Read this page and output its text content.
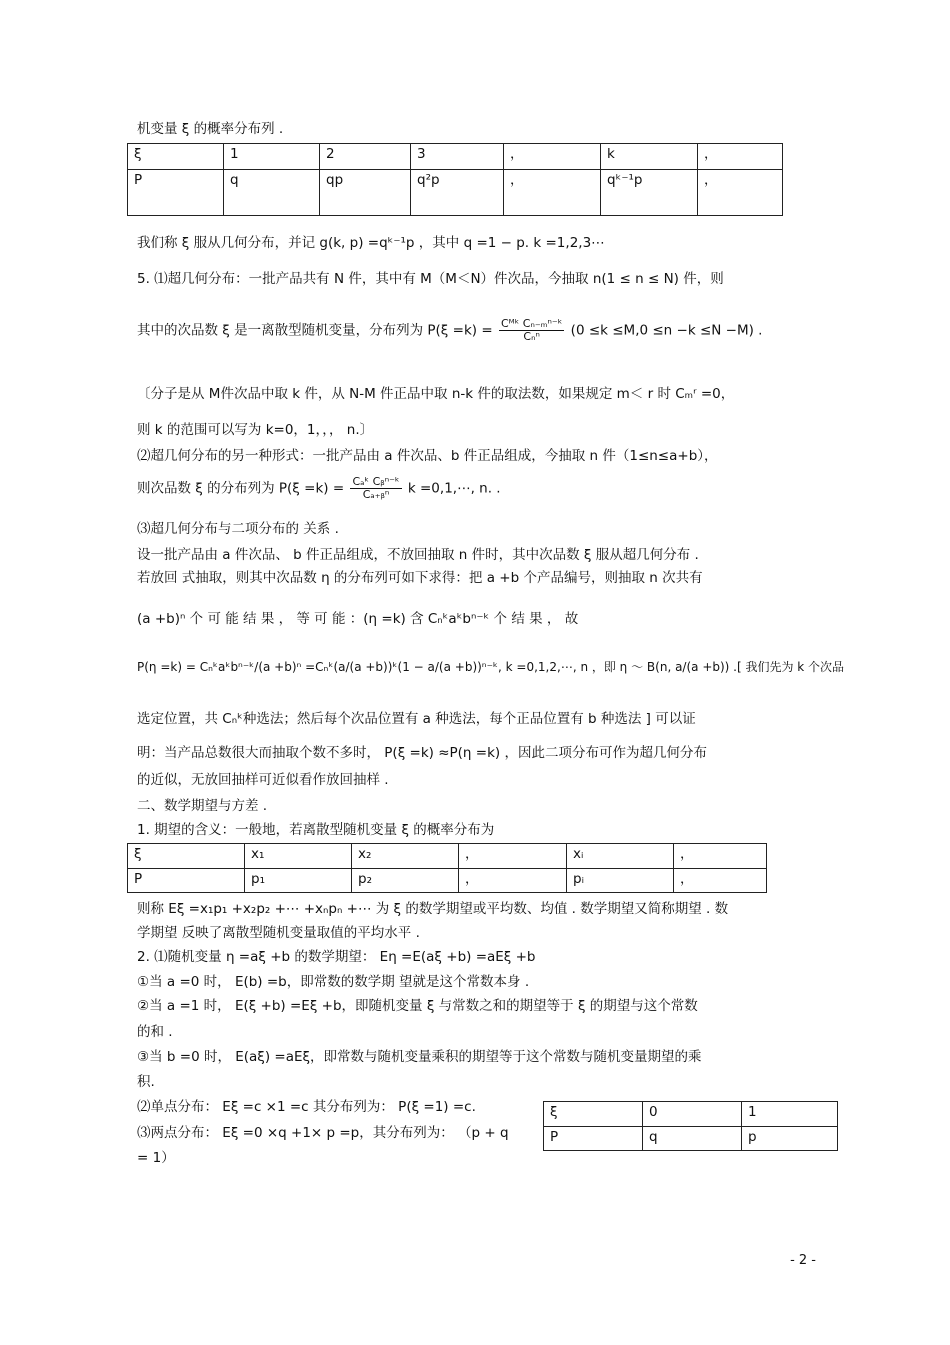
机变量 ξ 的概率分布列 .
ξ	1	2	3	，	k	，
P	q	qp	q²p	，	qᵏ⁻¹p	，
我们称 ξ 服从几何分布，并记 g(k, p) =qᵏ⁻¹p ，其中 q =1 − p. k =1,2,3⋯
5. ⑴超几何分布：一批产品共有 N 件，其中有 M（M＜N）件次品，今抽取 n(1 ≤ n ≤ N) 件，则
其中的次品数 ξ 是一离散型随机变量，分布列为 $P(\xi =k) = \frac{\text{Cᴹᵏ Cₙ₋ₘⁿ⁻ᵏ}}{\text{Cₙⁿ}} (0 \le k \le M,0 \le n -k \le N -M)$ .
〔分子是从 M件次品中取 k 件，从 N-M 件正品中取 n-k 件的取法数，如果规定 m＜ r 时 Cₘʳ =0，
则 k 的范围可以写为 k=0，1，，， n.〕
⑵超几何分布的另一种形式：一批产品由 a 件次品、b 件正品组成，今抽取 n 件（1≤n≤a+b），
则次品数 ξ 的分布列为 $P(\xi =k) = \frac{\text{Cₐᵏ Cᵦⁿ⁻ᵏ}}{\text{Cₐ₊ᵦⁿ}}$ k =0,1,⋯, n. .
⑶超几何分布与二项分布的 关系 .
设一批产品由 a 件次品、 b 件正品组成，不放回抽取 n 件时，其中次品数 ξ 服从超几何分布 .
若放回 式抽取，则其中次品数 η 的分布列可如下求得：把 a +b 个产品编号，则抽取 n 次共有
(a +b)ⁿ 个 可 能 结 果 ， 等 可 能 ：(η =k) 含 Cₙᵏaᵏbⁿ⁻ᵏ 个 结 果 ， 故
P(η =k) = Cₙᵏaᵏbⁿ⁻ᵏ/(a +b)ⁿ =Cₙᵏ(a/(a +b))ᵏ(1 − a/(a +b))ⁿ⁻ᵏ, k =0,1,2,⋯, n ，即 η ～ B(n, a/(a +b)) .[ 我们先为 k 个次品
选定位置，共 Cₙᵏ种选法；然后每个次品位置有 a 种选法，每个正品位置有 b 种选法 ] 可以证
明：当产品总数很大而抽取个数不多时， P(ξ =k) ≈P(η =k) ，因此二项分布可作为超几何分布
的近似，无放回抽样可近似看作放回抽样 .
二、数学期望与方差 .
1. 期望的含义：一般地，若离散型随机变量 ξ 的概率分布为
ξ	x₁	x₂	，	xᵢ	，
P	p₁	p₂	，	pᵢ	，
则称 Eξ =x₁p₁ +x₂p₂ +⋯ +xₙpₙ +⋯ 为 ξ 的数学期望或平均数、均值 . 数学期望又简称期望 . 数
学期望 反映了离散型随机变量取值的平均水平 .
2. ⑴随机变量 η =aξ +b 的数学期望： Eη =E(aξ +b) =aEξ +b
①当 a =0 时， E(b) =b，即常数的数学期 望就是这个常数本身 .
②当 a =1 时， E(ξ +b) =Eξ +b，即随机变量 ξ 与常数之和的期望等于 ξ 的期望与这个常数
的和 .
③当 b =0 时， E(aξ) =aEξ，即常数与随机变量乘积的期望等于这个常数与随机变量期望的乘
积.
⑵单点分布： Eξ =c ×1 =c 其分布列为： P(ξ =1) =c.
⑶两点分布： Eξ =0 ×q +1× p =p，其分布列为： （p + q
= 1）
ξ	0	1
P	q	p
- 2 -
